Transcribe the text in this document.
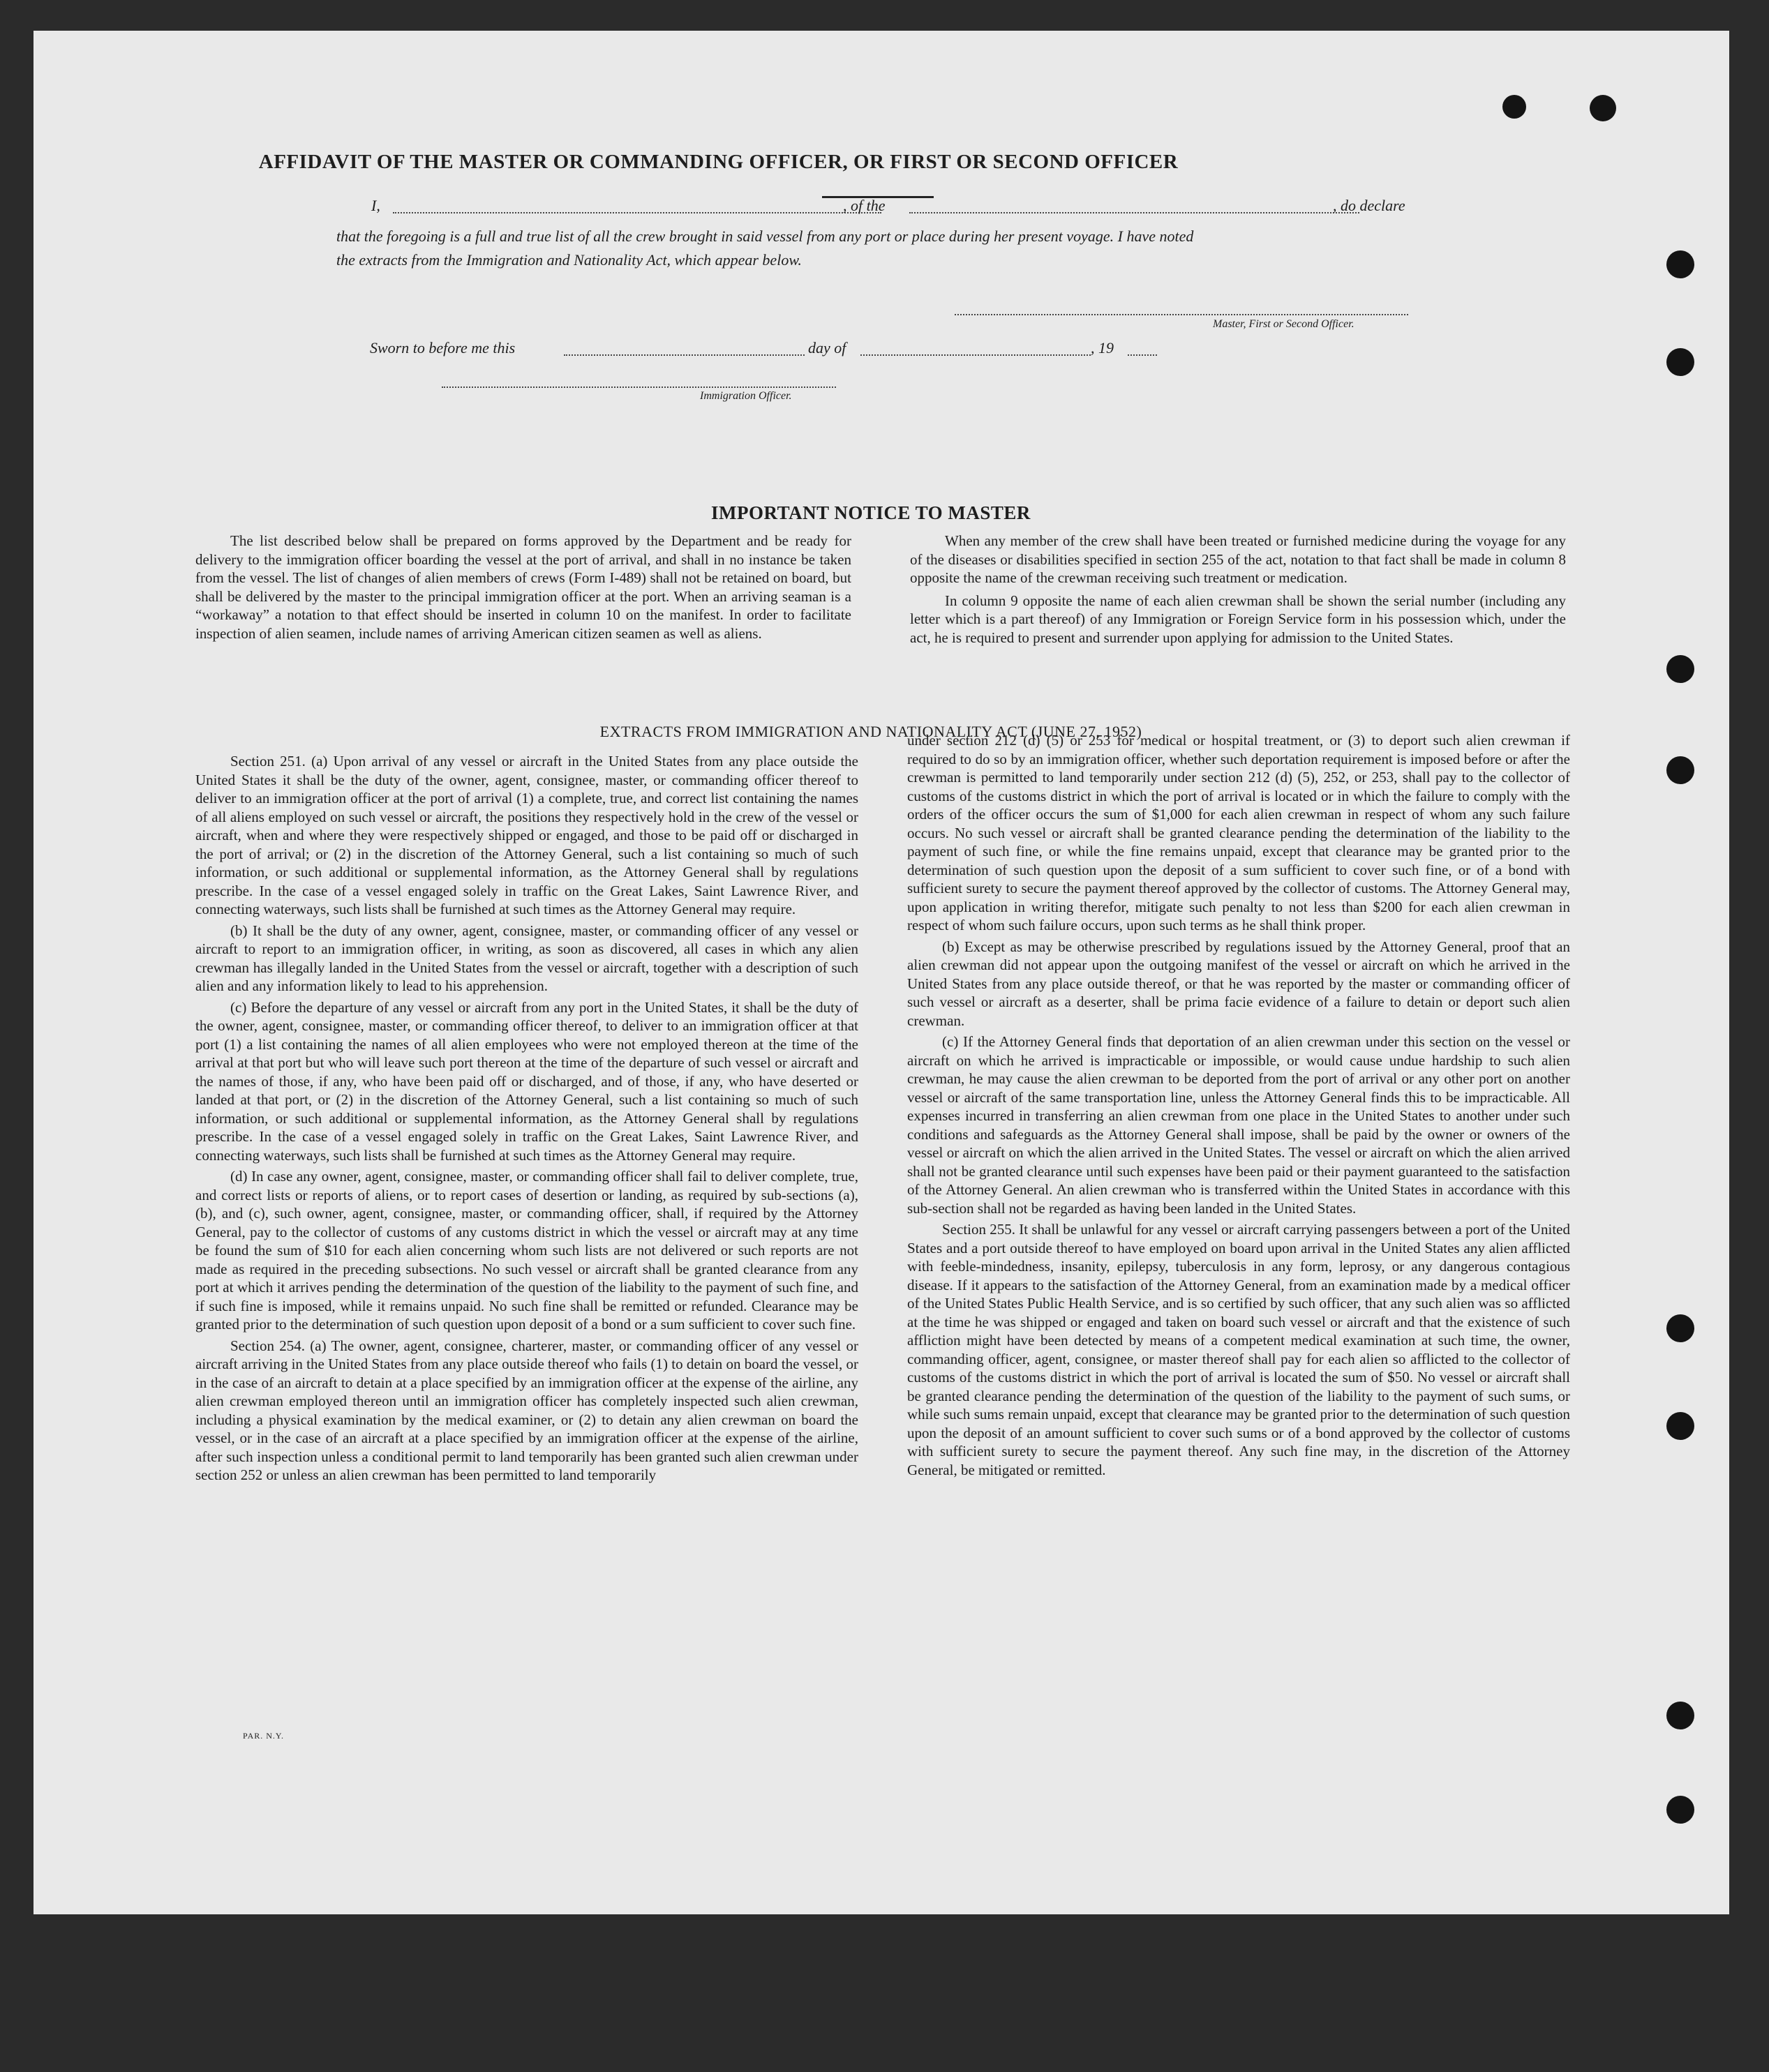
AFFIDAVIT OF THE MASTER OR COMMANDING OFFICER, OR FIRST OR SECOND OFFICER
I,	, of the	, do declare
that the foregoing is a full and true list of all the crew brought in said vessel from any port or place during her present voyage. I have noted
the extracts from the Immigration and Nationality Act, which appear below.
Master, First or Second Officer.
Sworn to before me this	day of	, 19
Immigration Officer.
IMPORTANT NOTICE TO MASTER

The list described below shall be prepared on forms approved by the Department and be ready for delivery to the immigration officer boarding the vessel at the port of arrival, and shall in no instance be taken from the vessel. The list of changes of alien members of crews (Form I-489) shall not be retained on board, but shall be delivered by the master to the principal immigration officer at the port. When an arriving seaman is a “workaway” a notation to that effect should be inserted in column 10 on the manifest. In order to facilitate inspection of alien seamen, include names of arriving American citizen seamen as well as aliens.

When any member of the crew shall have been treated or furnished medicine during the voyage for any of the diseases or disabilities specified in section 255 of the act, notation to that fact shall be made in column 8 opposite the name of the crewman receiving such treatment or medication.

In column 9 opposite the name of each alien crewman shall be shown the serial number (including any letter which is a part thereof) of any Immigration or Foreign Service form in his possession which, under the act, he is required to present and surrender upon applying for admission to the United States.

EXTRACTS FROM IMMIGRATION AND NATIONALITY ACT (JUNE 27, 1952)

Section 251. (a) Upon arrival of any vessel or aircraft in the United States from any place outside the United States it shall be the duty of the owner, agent, consignee, master, or commanding officer thereof to deliver to an immigration officer at the port of arrival (1) a complete, true, and correct list containing the names of all aliens employed on such vessel or aircraft, the positions they respectively hold in the crew of the vessel or aircraft, when and where they were respectively shipped or engaged, and those to be paid off or discharged in the port of arrival; or (2) in the discretion of the Attorney General, such a list containing so much of such information, or such additional or supplemental information, as the Attorney General shall by regulations prescribe. In the case of a vessel engaged solely in traffic on the Great Lakes, Saint Lawrence River, and connecting waterways, such lists shall be furnished at such times as the Attorney General may require.

(b) It shall be the duty of any owner, agent, consignee, master, or commanding officer of any vessel or aircraft to report to an immigration officer, in writing, as soon as discovered, all cases in which any alien crewman has illegally landed in the United States from the vessel or aircraft, together with a description of such alien and any information likely to lead to his apprehension.

(c) Before the departure of any vessel or aircraft from any port in the United States, it shall be the duty of the owner, agent, consignee, master, or commanding officer thereof, to deliver to an immigration officer at that port (1) a list containing the names of all alien employees who were not employed thereon at the time of the arrival at that port but who will leave such port thereon at the time of the departure of such vessel or aircraft and the names of those, if any, who have been paid off or discharged, and of those, if any, who have deserted or landed at that port, or (2) in the discretion of the Attorney General, such a list containing so much of such information, or such additional or supplemental information, as the Attorney General shall by regulations prescribe. In the case of a vessel engaged solely in traffic on the Great Lakes, Saint Lawrence River, and connecting waterways, such lists shall be furnished at such times as the Attorney General may require.

(d) In case any owner, agent, consignee, master, or commanding officer shall fail to deliver complete, true, and correct lists or reports of aliens, or to report cases of desertion or landing, as required by sub-sections (a), (b), and (c), such owner, agent, consignee, master, or commanding officer, shall, if required by the Attorney General, pay to the collector of customs of any customs district in which the vessel or aircraft may at any time be found the sum of $10 for each alien concerning whom such lists are not delivered or such reports are not made as required in the preceding subsections. No such vessel or aircraft shall be granted clearance from any port at which it arrives pending the determination of the question of the liability to the payment of such fine, and if such fine is imposed, while it remains unpaid. No such fine shall be remitted or refunded. Clearance may be granted prior to the determination of such question upon deposit of a bond or a sum sufficient to cover such fine.

Section 254. (a) The owner, agent, consignee, charterer, master, or commanding officer of any vessel or aircraft arriving in the United States from any place outside thereof who fails (1) to detain on board the vessel, or in the case of an aircraft to detain at a place specified by an immigration officer at the expense of the airline, any alien crewman employed thereon until an immigration officer has completely inspected such alien crewman, including a physical examination by the medical examiner, or (2) to detain any alien crewman on board the vessel, or in the case of an aircraft at a place specified by an immigration officer at the expense of the airline, after such inspection unless a conditional permit to land temporarily has been granted such alien crewman under section 252 or unless an alien crewman has been permitted to land temporarily

under section 212 (d) (5) or 253 for medical or hospital treatment, or (3) to deport such alien crewman if required to do so by an immigration officer, whether such deportation requirement is imposed before or after the crewman is permitted to land temporarily under section 212 (d) (5), 252, or 253, shall pay to the collector of customs of the customs district in which the port of arrival is located or in which the failure to comply with the orders of the officer occurs the sum of $1,000 for each alien crewman in respect of whom any such failure occurs. No such vessel or aircraft shall be granted clearance pending the determination of the liability to the payment of such fine, or while the fine remains unpaid, except that clearance may be granted prior to the determination of such question upon the deposit of a sum sufficient to cover such fine, or of a bond with sufficient surety to secure the payment thereof approved by the collector of customs. The Attorney General may, upon application in writing therefor, mitigate such penalty to not less than $200 for each alien crewman in respect of whom such failure occurs, upon such terms as he shall think proper.

(b) Except as may be otherwise prescribed by regulations issued by the Attorney General, proof that an alien crewman did not appear upon the outgoing manifest of the vessel or aircraft on which he arrived in the United States from any place outside thereof, or that he was reported by the master or commanding officer of such vessel or aircraft as a deserter, shall be prima facie evidence of a failure to detain or deport such alien crewman.

(c) If the Attorney General finds that deportation of an alien crewman under this section on the vessel or aircraft on which he arrived is impracticable or impossible, or would cause undue hardship to such alien crewman, he may cause the alien crewman to be deported from the port of arrival or any other port on another vessel or aircraft of the same transportation line, unless the Attorney General finds this to be impracticable. All expenses incurred in transferring an alien crewman from one place in the United States to another under such conditions and safeguards as the Attorney General shall impose, shall be paid by the owner or owners of the vessel or aircraft on which the alien arrived in the United States. The vessel or aircraft on which the alien arrived shall not be granted clearance until such expenses have been paid or their payment guaranteed to the satisfaction of the Attorney General. An alien crewman who is transferred within the United States in accordance with this sub-section shall not be regarded as having been landed in the United States.

Section 255. It shall be unlawful for any vessel or aircraft carrying passengers between a port of the United States and a port outside thereof to have employed on board upon arrival in the United States any alien afflicted with feeble-mindedness, insanity, epilepsy, tuberculosis in any form, leprosy, or any dangerous contagious disease. If it appears to the satisfaction of the Attorney General, from an examination made by a medical officer of the United States Public Health Service, and is so certified by such officer, that any such alien was so afflicted at the time he was shipped or engaged and taken on board such vessel or aircraft and that the existence of such affliction might have been detected by means of a competent medical examination at such time, the owner, commanding officer, agent, consignee, or master thereof shall pay for each alien so afflicted to the collector of customs of the customs district in which the port of arrival is located the sum of $50. No vessel or aircraft shall be granted clearance pending the determination of the question of the liability to the payment of such sums, or while such sums remain unpaid, except that clearance may be granted prior to the determination of such question upon the deposit of an amount sufficient to cover such sums or of a bond approved by the collector of customs with sufficient surety to secure the payment thereof. Any such fine may, in the discretion of the Attorney General, be mitigated or remitted.

PAR. N.Y.
